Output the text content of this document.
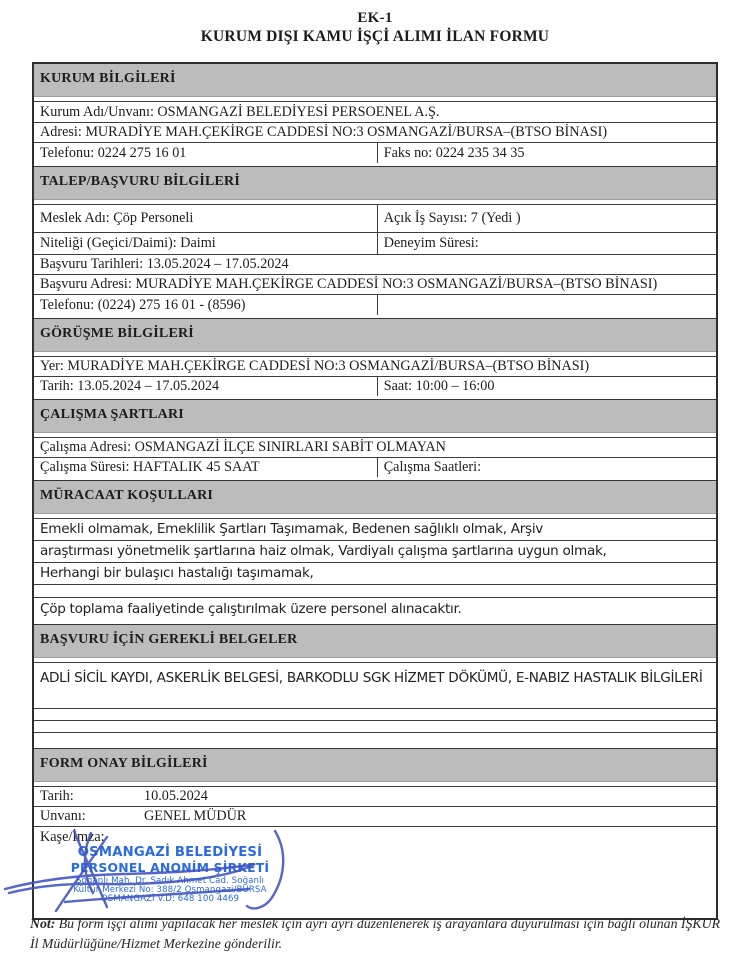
EK-1
KURUM DIŞI KAMU İŞÇİ ALIMI İLAN FORMU
KURUM BİLGİLERİ
Kurum Adı/Unvanı: OSMANGAZİ BELEDİYESİ PERSOENEL A.Ş.
Adresi: MURADİYE MAH.ÇEKİRGE CADDESİ NO:3 OSMANGAZİ/BURSA–(BTSO BİNASI)
Telefonu: 0224 275 16 01	Faks no: 0224 235 34 35
TALEP/BAŞVURU BİLGİLERİ
Meslek Adı: Çöp Personeli	Açık İş Sayısı: 7 (Yedi )
Niteliği (Geçici/Daimi): Daimi	Deneyim Süresi:
Başvuru Tarihleri: 13.05.2024 – 17.05.2024
Başvuru Adresi: MURADİYE MAH.ÇEKİRGE CADDESİ NO:3 OSMANGAZİ/BURSA–(BTSO BİNASI)
Telefonu: (0224) 275 16 01 - (8596)
GÖRÜŞME BİLGİLERİ
Yer: MURADİYE MAH.ÇEKİRGE CADDESİ NO:3 OSMANGAZİ/BURSA–(BTSO BİNASI)
Tarih: 13.05.2024 – 17.05.2024	Saat: 10:00 – 16:00
ÇALIŞMA ŞARTLARI
Çalışma Adresi: OSMANGAZİ İLÇE SINIRLARI SABİT OLMAYAN
Çalışma Süresi: HAFTALIK 45 SAAT	Çalışma Saatleri:
MÜRACAAT KOŞULLARI
Emekli olmamak, Emeklilik Şartları Taşımamak, Bedenen sağlıklı olmak, Arşiv
araştırması yönetmelik şartlarına haiz olmak, Vardiyalı çalışma şartlarına uygun olmak,
Herhangi bir bulaşıcı hastalığı taşımamak,
Çöp toplama faaliyetinde çalıştırılmak üzere personel alınacaktır.
BAŞVURU İÇİN GEREKLİ BELGELER
ADLİ SİCİL KAYDI, ASKERLİK BELGESİ, BARKODLU SGK HİZMET DÖKÜMÜ, E-NABIZ HASTALIK BİLGİLERİ
FORM ONAY BİLGİLERİ
Tarih:	10.05.2024
Unvanı:	GENEL MÜDÜR
Kaşe/İmza:
OSMANGAZİ BELEDİYESİ
PERSONEL ANONİM ŞİRKETİ
Soğanlı Mah. Dr. Sadık Ahmet Cad. Soğanlı
Kültür Merkezi No: 388/2 Osmangazi/BURSA
OSMANGAZİ V.D: 648 100 4469
Not: Bu form işçi alımı yapılacak her meslek için ayrı ayrı düzenlenerek iş arayanlara duyurulması için bağlı olunan İŞKUR İl Müdürlüğüne/Hizmet Merkezine gönderilir.
